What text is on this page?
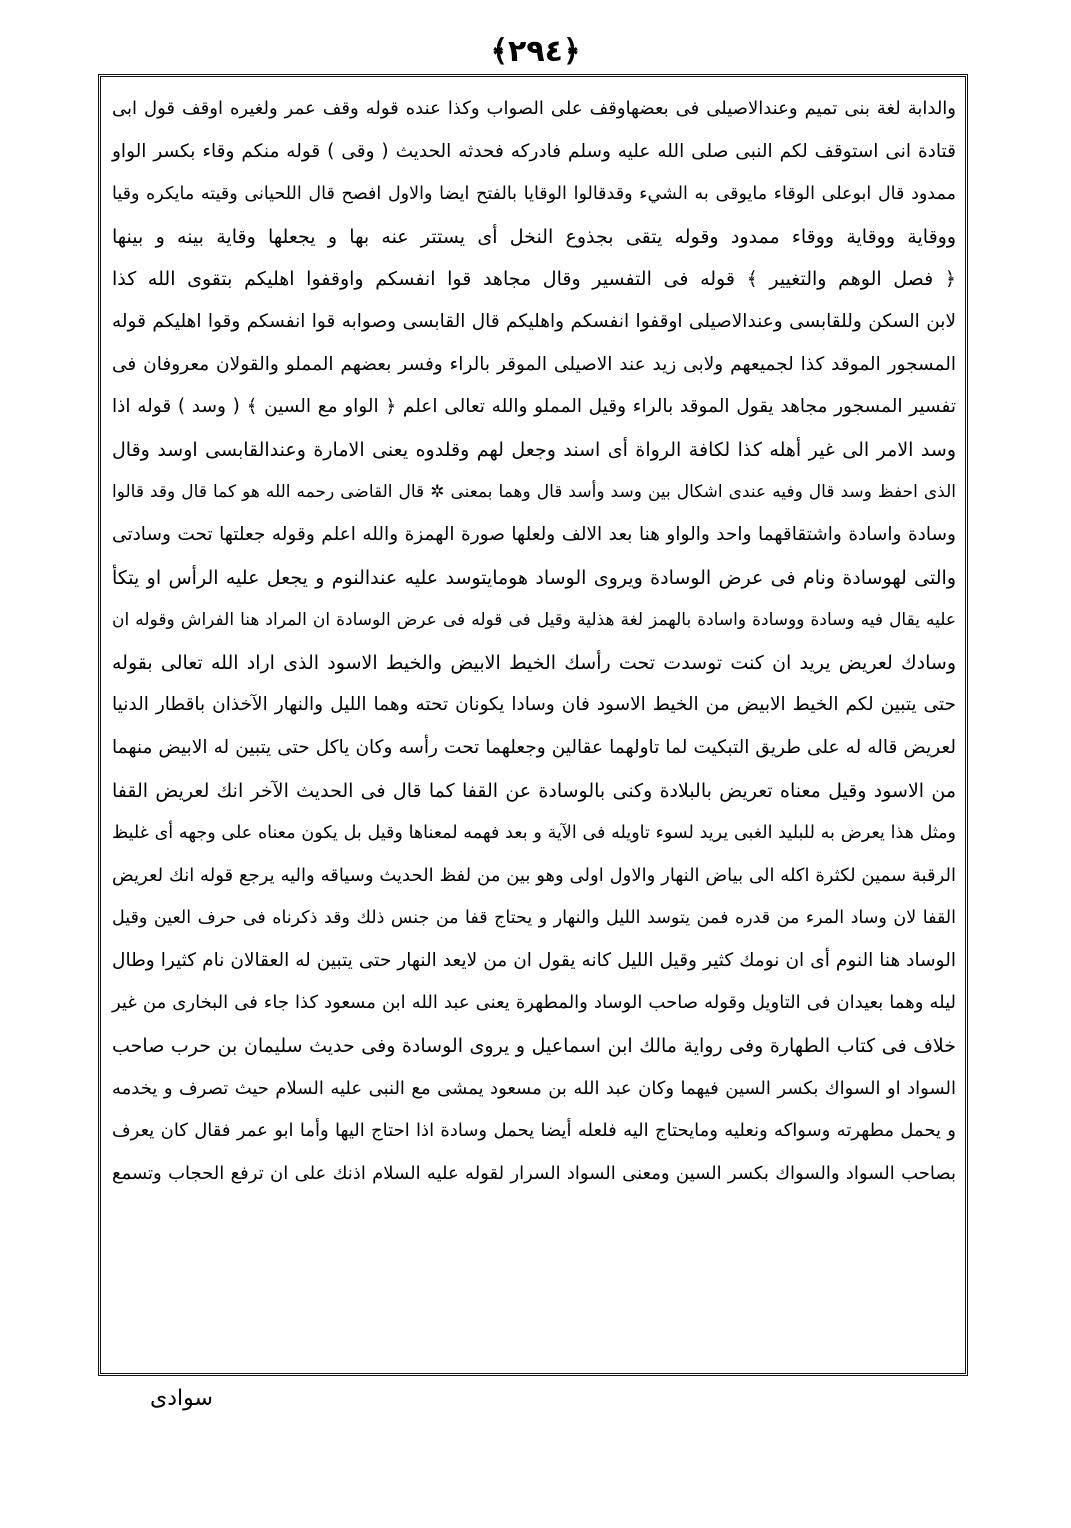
﴿٢٩٤﴾
والدابة لغة بنى تميم وعندالاصيلى فى بعضهاوقف على الصواب وكذا عنده قوله وقف عمر ولغيره اوقف قول ابى
قتادة انى استوقف لكم النبى صلى الله عليه وسلم فادركه فحدثه الحديث ( وقى ) قوله منكم وقاء بكسر الواو
ممدود قال ابوعلى الوقاء مايوقى به الشيء وقدقالوا الوقايا بالفتح ايضا والاول افصح قال اللحيانى وقيته مايكره وقيا
ووقاية ووقاية ووقاء ممدود وقوله يتقى بجذوع النخل أى يستتر عنه بها و يجعلها وقاية بينه و بينها
﴿ فصل الوهم والتغيير ﴾ قوله فى التفسير وقال مجاهد قوا انفسكم واوقفوا اهليكم بتقوى الله كذا
لابن السكن وللقابسى وعندالاصيلى اوقفوا انفسكم واهليكم قال القابسى وصوابه قوا انفسكم وقوا اهليكم قوله
المسجور الموقد كذا لجميعهم ولابى زيد عند الاصيلى الموقر بالراء وفسر بعضهم المملو والقولان معروفان فى
تفسير المسجور مجاهد يقول الموقد بالراء وقيل المملو والله تعالى اعلم ﴿ الواو مع السين ﴾ ( وسد ) قوله اذا
وسد الامر الى غير أهله كذا لكافة الرواة أى اسند وجعل لهم وقلدوه يعنى الامارة وعندالقابسى اوسد وقال
الذى احفظ وسد قال وفيه عندى اشكال بين وسد وأسد قال وهما بمعنى ✲ قال القاضى رحمه الله هو كما قال وقد قالوا
وسادة واسادة واشتقاقهما واحد والواو هنا بعد الالف ولعلها صورة الهمزة والله اعلم وقوله جعلتها تحت وسادتى
والتى لهوسادة ونام فى عرض الوسادة ويروى الوساد هومايتوسد عليه عندالنوم و يجعل عليه الرأس او يتكأ
عليه يقال فيه وسادة ووسادة واسادة بالهمز لغة هذلية وقيل فى قوله فى عرض الوسادة ان المراد هنا الفراش وقوله ان
وسادك لعريض يريد ان كنت توسدت تحت رأسك الخيط الابيض والخيط الاسود الذى اراد الله تعالى بقوله
حتى يتبين لكم الخيط الابيض من الخيط الاسود فان وسادا يكونان تحته وهما الليل والنهار الآخذان باقطار الدنيا
لعريض قاله له على طريق التبكيت لما تاولهما عقالين وجعلهما تحت رأسه وكان ياكل حتى يتبين له الابيض منهما
من الاسود وقيل معناه تعريض بالبلادة وكنى بالوسادة عن القفا كما قال فى الحديث الآخر انك لعريض القفا
ومثل هذا يعرض به للبليد الغبى يريد لسوء تاويله فى الآية و بعد فهمه لمعناها وقيل بل يكون معناه على وجهه أى غليظ
الرقبة سمين لكثرة اكله الى بياض النهار والاول اولى وهو بين من لفظ الحديث وسياقه واليه يرجع قوله انك لعريض
القفا لان وساد المرء من قدره فمن يتوسد الليل والنهار و يحتاج قفا من جنس ذلك وقد ذكرناه فى حرف العين وقيل
الوساد هنا النوم أى ان نومك كثير وقيل الليل كانه يقول ان من لايعد النهار حتى يتبين له العقالان نام كثيرا وطال
ليله وهما بعيدان فى التاويل وقوله صاحب الوساد والمطهرة يعنى عبد الله ابن مسعود كذا جاء فى البخارى من غير
خلاف فى كتاب الطهارة وفى رواية مالك ابن اسماعيل و يروى الوسادة وفى حديث سليمان بن حرب صاحب
السواد او السواك بكسر السين فيهما وكان عبد الله بن مسعود يمشى مع النبى عليه السلام حيث تصرف و يخدمه
و يحمل مطهرته وسواكه ونعليه ومايحتاج اليه فلعله أيضا يحمل وسادة اذا احتاج اليها وأما ابو عمر فقال كان يعرف
بصاحب السواد والسواك بكسر السين ومعنى السواد السرار لقوله عليه السلام اذنك على ان ترفع الحجاب وتسمع
سوادى
